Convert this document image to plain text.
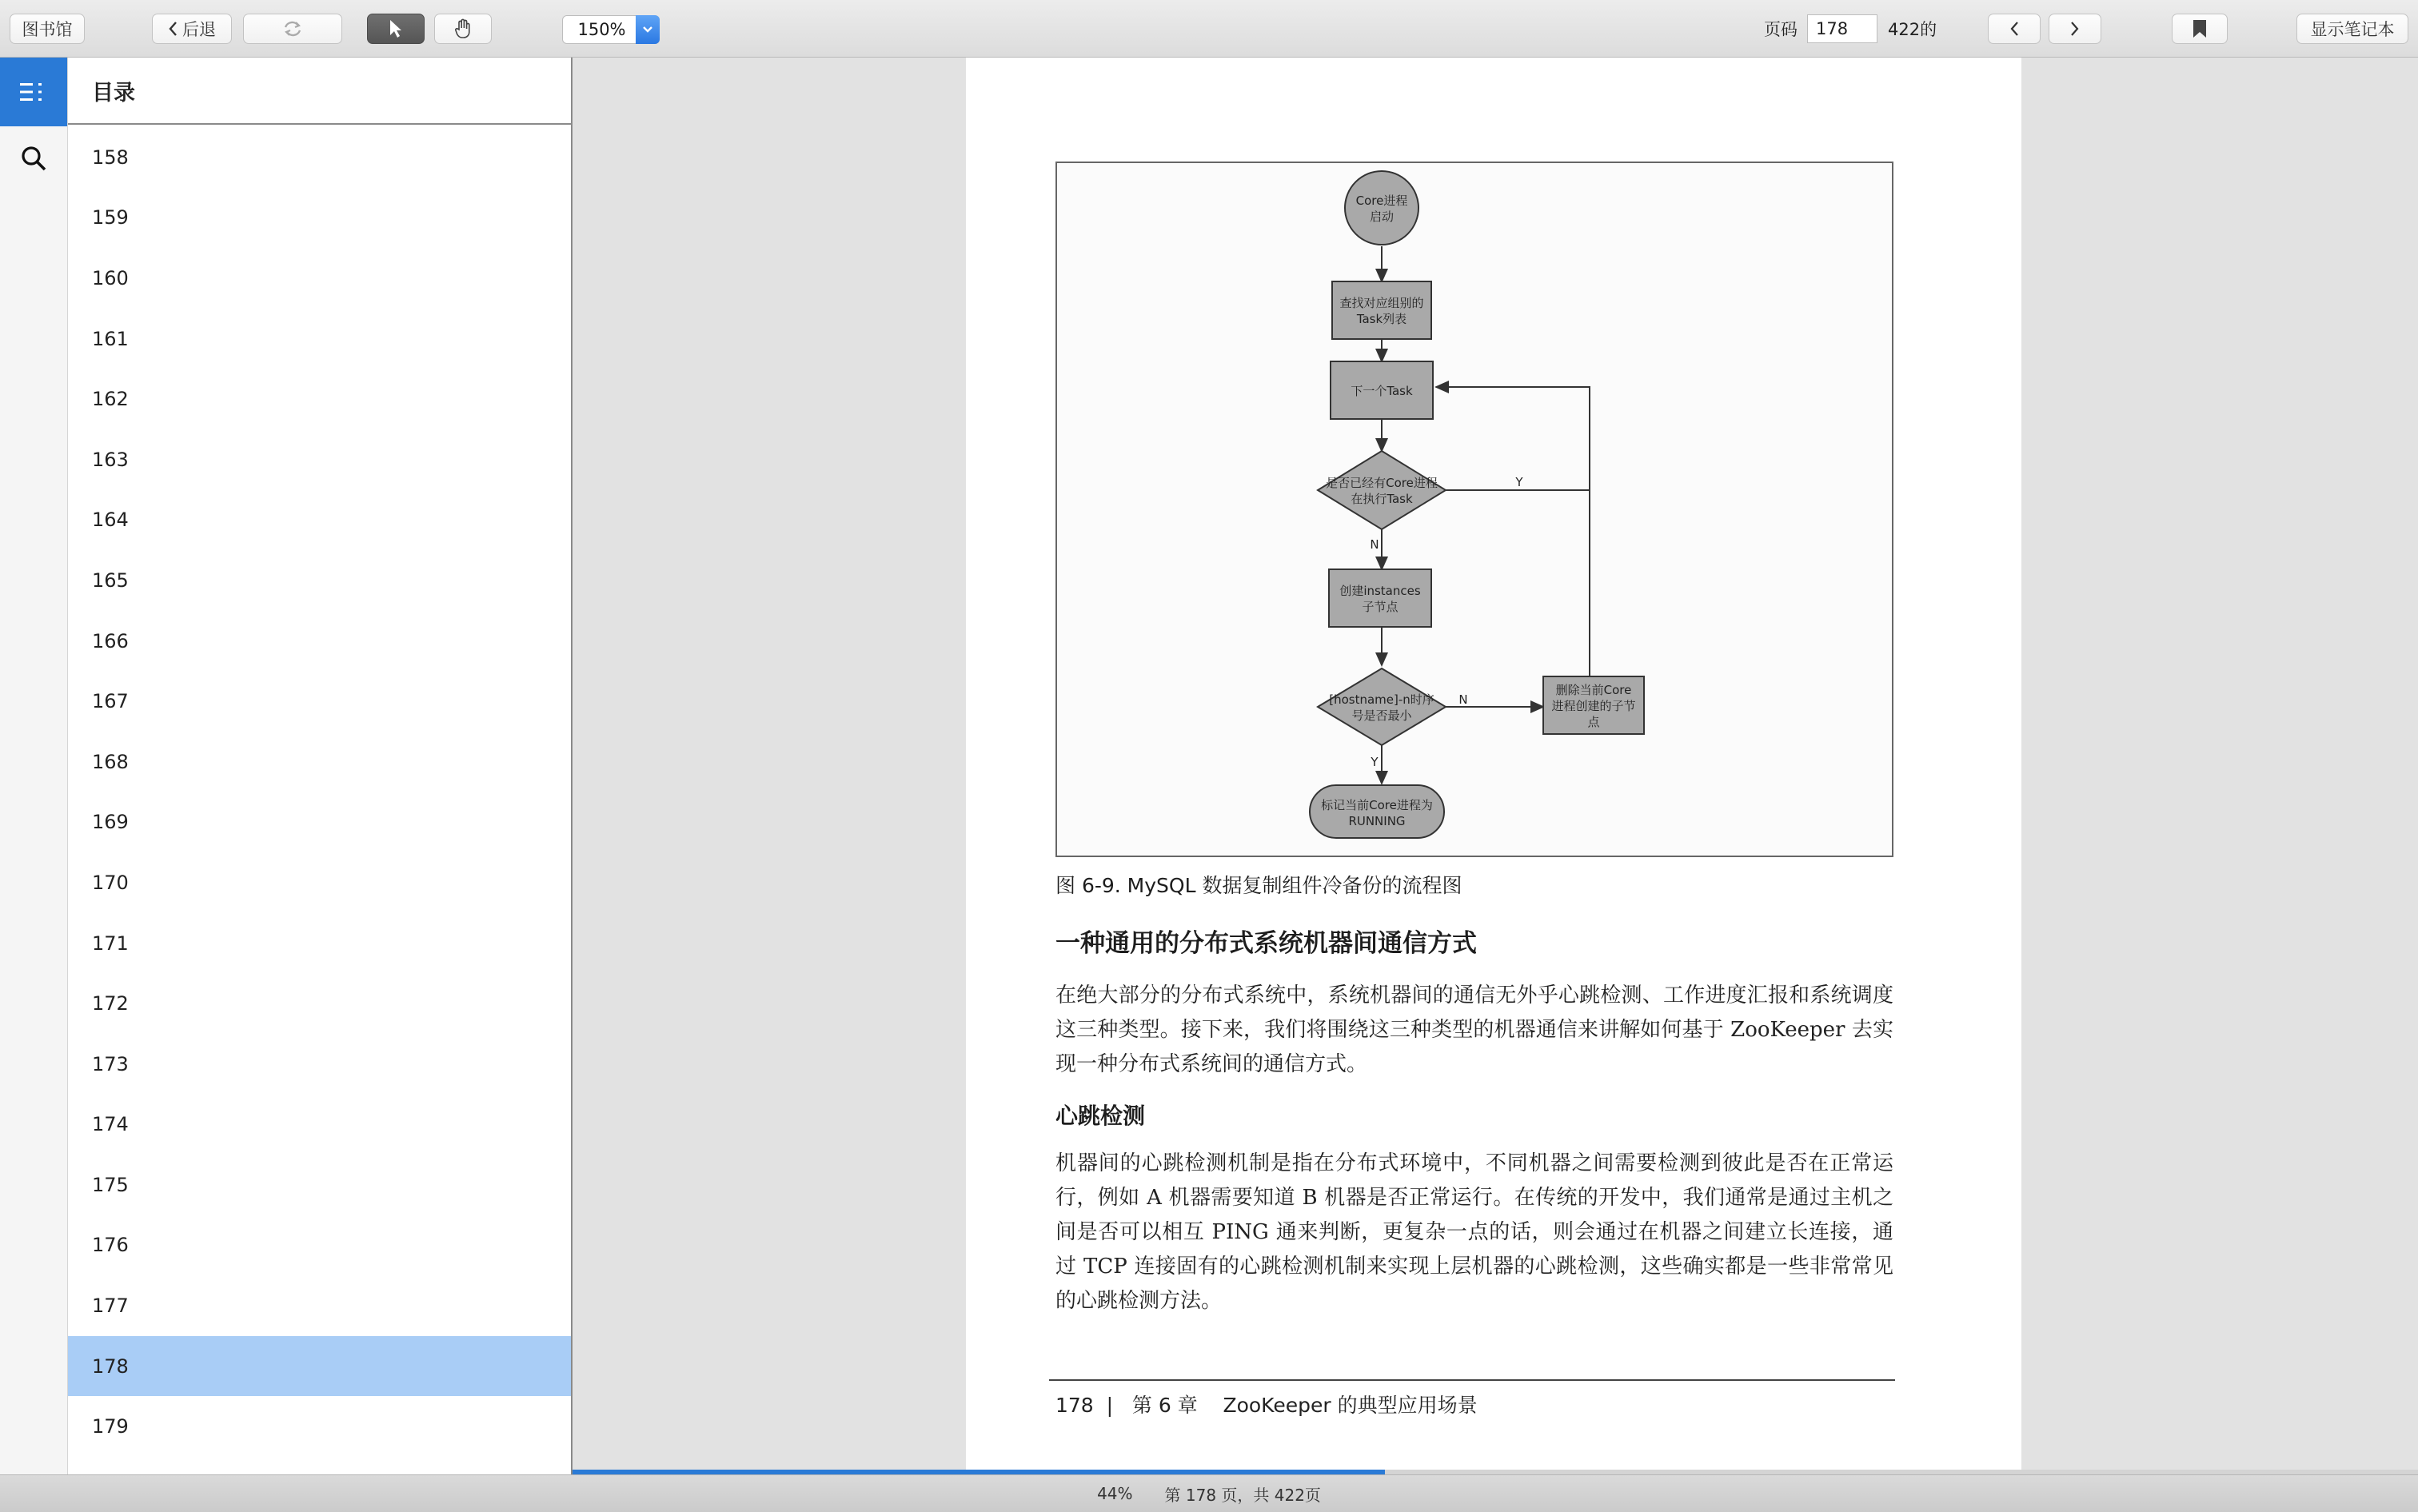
图书馆	后退	150%	页码
178	422的	显示笔记本
目录
158
159
160
161
162
163
164
165
166
167
168
169
170
171
172
173
174
175
176
177
178
179
Core进程
启动
查找对应组别的
Task列表
下一个Task
是否已经有Core进程
在执行Task
创建instances
子节点
[hostname]-n时序
号是否最小
删除当前Core
进程创建的子节
点
标记当前Core进程为
RUNNING
Y
N
N
Y
图 6-9. MySQL 数据复制组件冷备份的流程图
一种通用的分布式系统机器间通信方式
在绝大部分的分布式系统中，系统机器间的通信无外乎心跳检测、工作进度汇报和系统调度这三种类型。接下来，我们将围绕这三种类型的机器通信来讲解如何基于 ZooKeeper 去实现一种分布式系统间的通信方式。
心跳检测
机器间的心跳检测机制是指在分布式环境中，不同机器之间需要检测到彼此是否在正常运行，例如 A 机器需要知道 B 机器是否正常运行。在传统的开发中，我们通常是通过主机之间是否可以相互 PING 通来判断，更复杂一点的话，则会通过在机器之间建立长连接，通过 TCP 连接固有的心跳检测机制来实现上层机器的心跳检测，这些确实都是一些非常常见的心跳检测方法。
178  |   第 6 章    ZooKeeper 的典型应用场景
44% 第 178 页，共 422页
